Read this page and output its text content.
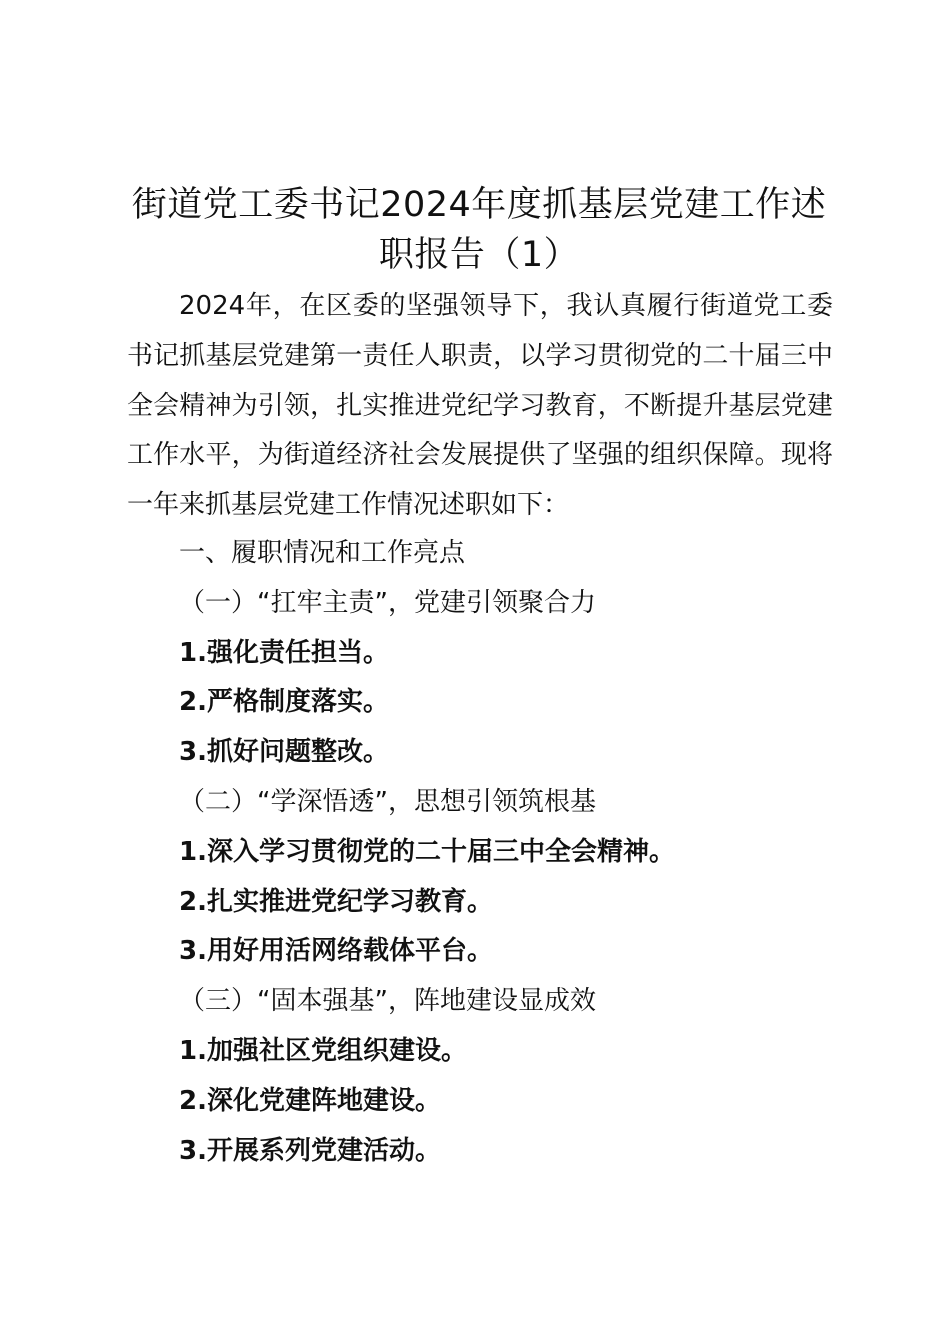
街道党工委书记2024年度抓基层党建工作述
职报告（1）
2024年，在区委的坚强领导下，我认真履行街道党工委书记抓基层党建第一责任人职责，以学习贯彻党的二十届三中全会精神为引领，扎实推进党纪学习教育，不断提升基层党建工作水平，为街道经济社会发展提供了坚强的组织保障。现将一年来抓基层党建工作情况述职如下：
一、履职情况和工作亮点
（一）“扛牢主责”，党建引领聚合力
1.强化责任担当。
2.严格制度落实。
3.抓好问题整改。
（二）“学深悟透”，思想引领筑根基
1.深入学习贯彻党的二十届三中全会精神。
2.扎实推进党纪学习教育。
3.用好用活网络载体平台。
（三）“固本强基”，阵地建设显成效
1.加强社区党组织建设。
2.深化党建阵地建设。
3.开展系列党建活动。
